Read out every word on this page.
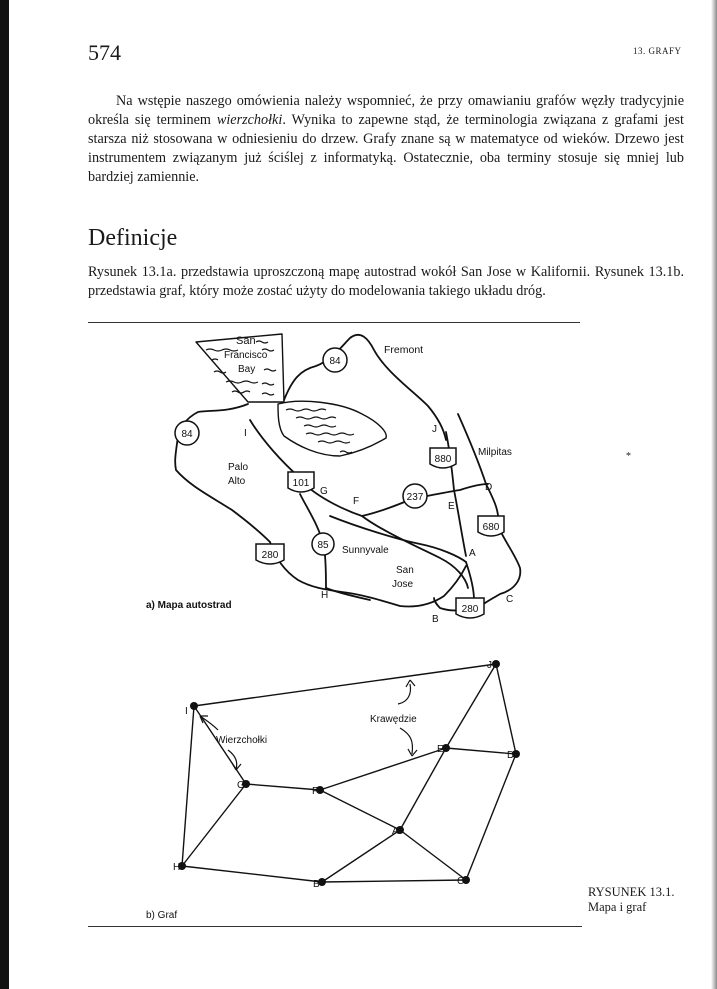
574	13. GRAFY

Na wstępie naszego omówienia należy wspomnieć, że przy omawianiu grafów węzły tradycyjnie określa się terminem wierzchołki. Wynika to zapewne stąd, że terminologia związana z grafami jest starsza niż stosowana w odniesieniu do drzew. Grafy znane są w matematyce od wieków. Drzewo jest instrumentem związanym już ściślej z informatyką. Ostatecznie, oba terminy stosuje się mniej lub bardziej zamiennie.

Definicje

Rysunek 13.1a. przedstawia uproszczoną mapę autostrad wokół San Jose w Kalifornii. Rysunek 13.1b. przedstawia graf, który może zostać użyty do modelowania takiego układu dróg.

San
Francisco
Bay
Fremont
Milpitas
Palo
Alto
Sunnyvale
San
Jose
84
84
101
237
85
880
680
280
280
I	J
D
E
F
G
A
H
B
C
a) Mapa autostrad
I
J
E
D
G
F
A
H
B	C
Wierzchołki
Krawędzie
b) Graf
*
RYSUNEK 13.1.
Mapa i graf
